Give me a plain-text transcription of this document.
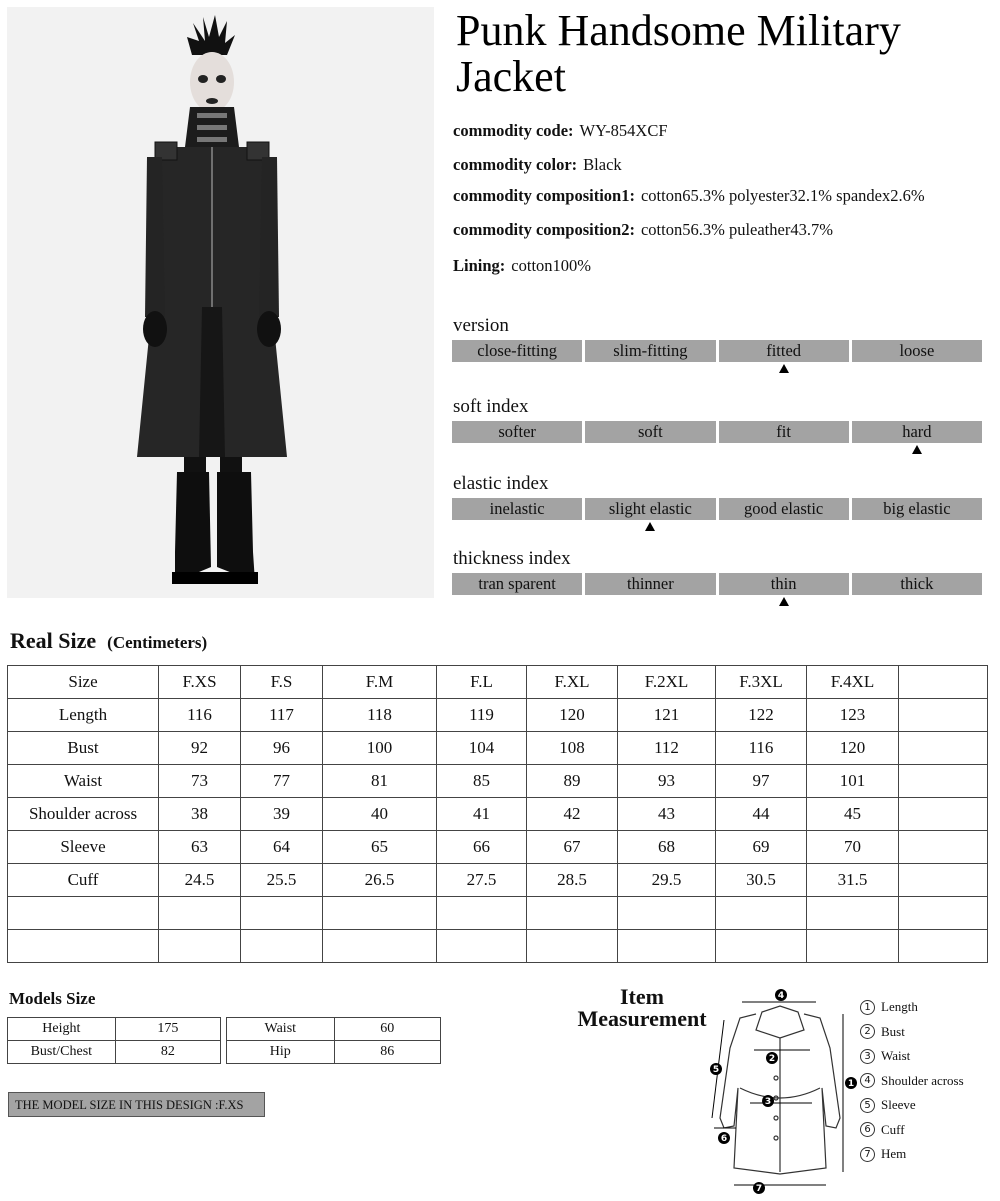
Punk Handsome Military Jacket
commodity code: WY-854XCF
commodity color: Black
commodity composition1: cotton65.3% polyester32.1% spandex2.6%
commodity composition2: cotton56.3% puleather43.7%
Lining: cotton100%
version
close-fitting	slim-fitting	fitted	loose
soft index
softer	soft	fit	hard
elastic index
inelastic	slight elastic	good elastic	big elastic
thickness index
tran sparent	thinner	thin	thick
Real Size (Centimeters)
Size	F.XS	F.S	F.M	F.L	F.XL	F.2XL	F.3XL	F.4XL	
Length	116	117	118	119	120	121	122	123	
Bust	92	96	100	104	108	112	116	120	
Waist	73	77	81	85	89	93	97	101	
Shoulder across	38	39	40	41	42	43	44	45	
Sleeve	63	64	65	66	67	68	69	70	
Cuff	24.5	25.5	26.5	27.5	28.5	29.5	30.5	31.5	

Models Size
Height	175
Bust/Chest	82
Waist	60
Hip	86
THE MODEL SIZE IN THIS DESIGN :F.XS
Item
Measurement
4
2
3
1
5
6
7
1 Length
2 Bust
3 Waist
4 Shoulder across
5 Sleeve
6 Cuff
7 Hem
